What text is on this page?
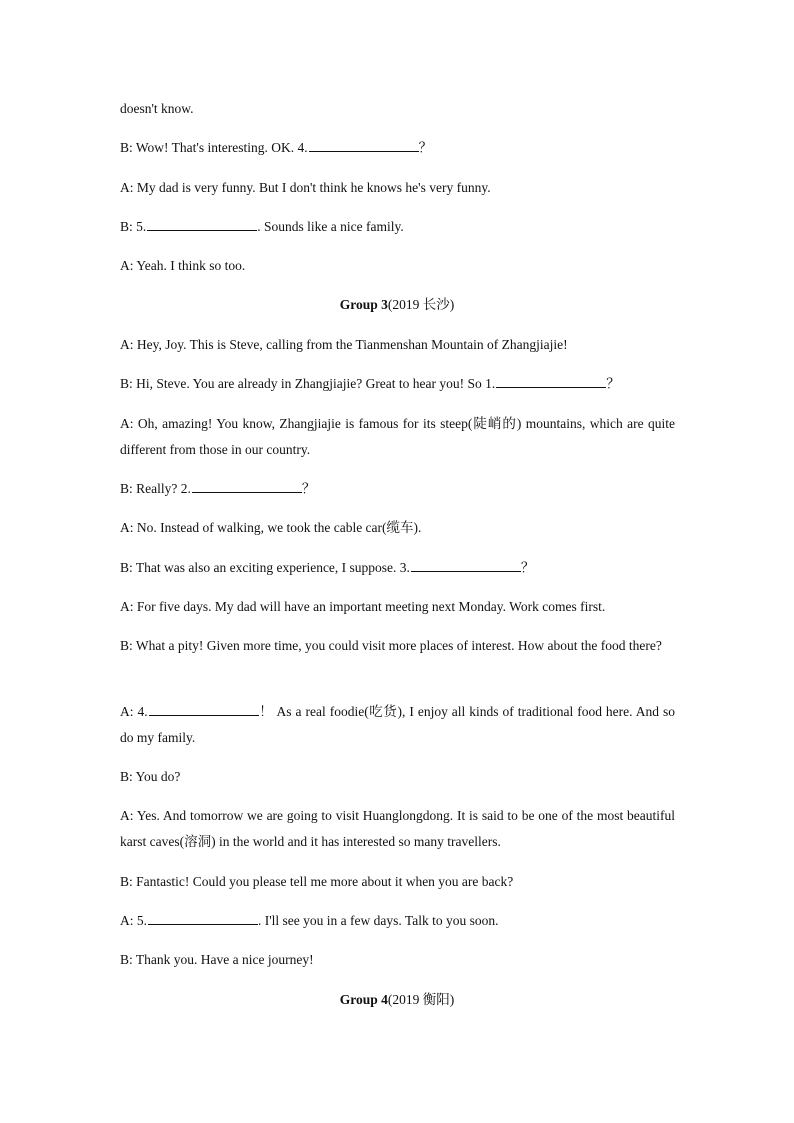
doesn't know.
B: Wow! That's interesting. OK. 4.	？
A: My dad is very funny. But I don't think he knows he's very funny.
B: 5.	. Sounds like a nice family.
A: Yeah. I think so too.
Group 3(2019 长沙)
A: Hey, Joy. This is Steve, calling from the Tianmenshan Mountain of Zhangjiajie!
B: Hi, Steve. You are already in Zhangjiajie? Great to hear you! So 1.	？
A: Oh, amazing! You know, Zhangjiajie is famous for its steep(陡峭的) mountains, which are quite different from those in our country.
B: Really? 2.	？
A: No. Instead of walking, we took the cable car(缆车).
B: That was also an exciting experience, I suppose. 3.	？
A: For five days. My dad will have an important meeting next Monday. Work comes first.
B: What a pity! Given more time, you could visit more places of interest. How about the food there?
A: 4.	！ As a real foodie(吃货), I enjoy all kinds of traditional food here. And so do my family.
B: You do?
A: Yes. And tomorrow we are going to visit Huanglongdong. It is said to be one of the most beautiful karst caves(溶洞) in the world and it has interested so many travellers.
B: Fantastic! Could you please tell me more about it when you are back?
A: 5.	. I'll see you in a few days. Talk to you soon.
B: Thank you. Have a nice journey!
Group 4(2019 衡阳)
